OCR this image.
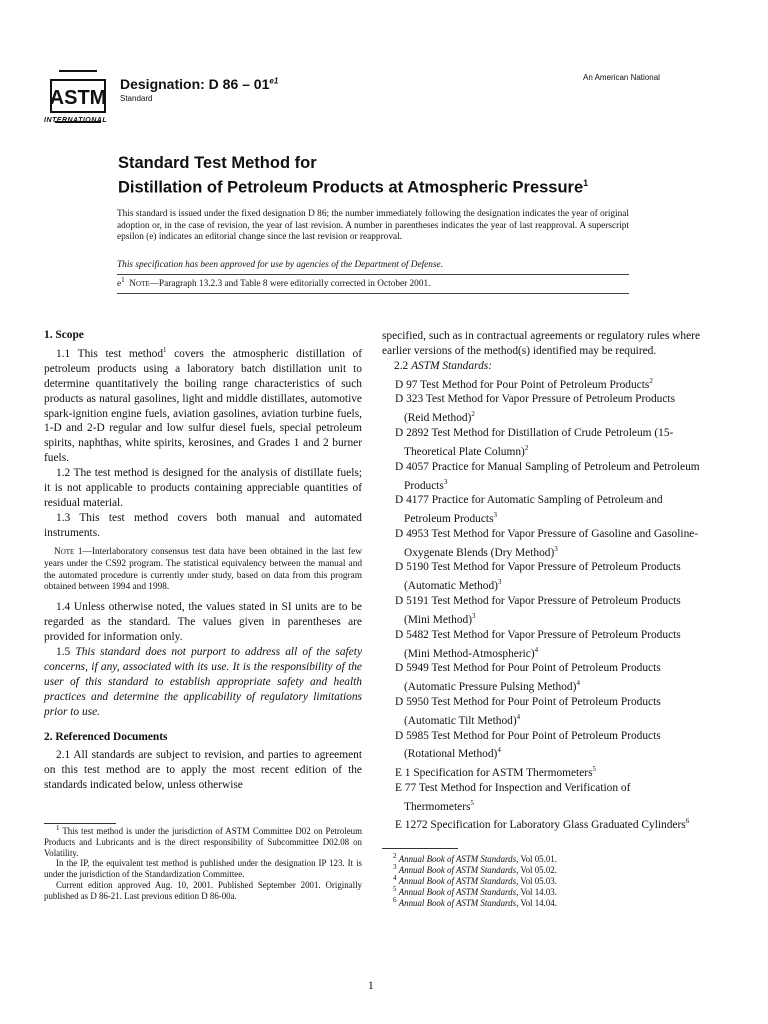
ASTM
INTERNATIONAL
Designation: D $86 - 01^{e1}$
Standard
An American National
Standard Test Method for
Distillation of Petroleum Products at Atmospheric Pressure$^1$
This standard is issued under the fixed designation D 86; the number immediately following the designation indicates the year of original adoption or, in the case of revision, the year of last revision. A number in parentheses indicates the year of last reapproval. A superscript epsilon (e) indicates an editorial change since the last revision or reapproval.
This specification has been approved for use by agencies of the Department of Defense.
$e^1$ Note—Paragraph 13.2.3 and Table 8 were editorially corrected in October 2001.

1. Scope

1.1 This test method$^1$ covers the atmospheric distillation of petroleum products using a laboratory batch distillation unit to determine quantitatively the boiling range characteristics of such products as natural gasolines, light and middle distillates, automotive spark-ignition engine fuels, aviation gasolines, aviation turbine fuels, 1-D and 2-D regular and low sulfur diesel fuels, special petroleum spirits, naphthas, white spirits, kerosines, and Grades 1 and 2 burner fuels.

1.2 The test method is designed for the analysis of distillate fuels; it is not applicable to products containing appreciable quantities of residual material.

1.3 This test method covers both manual and automated instruments.

Note 1—Interlaboratory consensus test data have been obtained in the last few years under the CS92 program. The statistical equivalency between the manual and the automated procedure is currently under study, based on data from this program obtained between 1994 and 1998.

1.4 Unless otherwise noted, the values stated in SI units are to be regarded as the standard. The values given in parentheses are provided for information only.

1.5 This standard does not purport to address all of the safety concerns, if any, associated with its use. It is the responsibility of the user of this standard to establish appropriate safety and health practices and determine the applicability of regulatory limitations prior to use.

2. Referenced Documents

2.1 All standards are subject to revision, and parties to agreement on this test method are to apply the most recent edition of the standards indicated below, unless otherwise

specified, such as in contractual agreements or regulatory rules where earlier versions of the method(s) identified may be required.

2.2 ASTM Standards:

D 97 Test Method for Pour Point of Petroleum Products$^2$

D 323 Test Method for Vapor Pressure of Petroleum Products (Reid Method)$^2$

D 2892 Test Method for Distillation of Crude Petroleum (15-Theoretical Plate Column)$^2$

D 4057 Practice for Manual Sampling of Petroleum and Petroleum Products$^3$

D 4177 Practice for Automatic Sampling of Petroleum and Petroleum Products$^3$

D 4953 Test Method for Vapor Pressure of Gasoline and Gasoline-Oxygenate Blends (Dry Method)$^3$

D 5190 Test Method for Vapor Pressure of Petroleum Products (Automatic Method)$^3$

D 5191 Test Method for Vapor Pressure of Petroleum Products (Mini Method)$^3$

D 5482 Test Method for Vapor Pressure of Petroleum Products (Mini Method-Atmospheric)$^4$

D 5949 Test Method for Pour Point of Petroleum Products (Automatic Pressure Pulsing Method)$^4$

D 5950 Test Method for Pour Point of Petroleum Products (Automatic Tilt Method)$^4$

D 5985 Test Method for Pour Point of Petroleum Products (Rotational Method)$^4$

E 1 Specification for ASTM Thermometers$^5$

E 77 Test Method for Inspection and Verification of Thermometers$^5$

E 1272 Specification for Laboratory Glass Graduated Cylinders$^6$

$^1$ This test method is under the jurisdiction of ASTM Committee D02 on Petroleum Products and Lubricants and is the direct responsibility of Subcommittee D02.08 on Volatility.

In the IP, the equivalent test method is published under the designation IP 123. It is under the jurisdiction of the Standardization Committee.

Current edition approved Aug. 10, 2001. Published September 2001. Originally published as D 86-21. Last previous edition D 86-00a.

$^2$ Annual Book of ASTM Standards, Vol 05.01.

$^3$ Annual Book of ASTM Standards, Vol 05.02.

$^4$ Annual Book of ASTM Standards, Vol 05.03.

$^5$ Annual Book of ASTM Standards, Vol 14.03.

$^6$ Annual Book of ASTM Standards, Vol 14.04.

1
